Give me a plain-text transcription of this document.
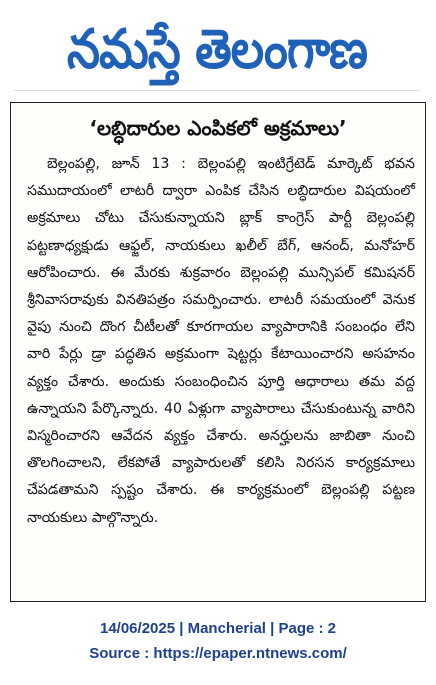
నమస్తే తెలంగాణ
‘లబ్ధిదారుల ఎంపికలో అక్రమాలు’

బెల్లంపల్లి, జూన్ 13 : బెల్లంపల్లి ఇంటిగ్రేటెడ్ మార్కెట్ భవన సముదాయంలో లాటరీ ద్వారా ఎంపిక చేసిన లబ్ధిదారుల విషయంలో అక్రమాలు చోటు చేసుకున్నాయని బ్లాక్ కాంగ్రెస్ పార్టీ బెల్లంపల్లి పట్టణాధ్యక్షుడు ఆఫ్జల్, నాయకులు ఖలీల్ బేగ్, ఆనంద్, మనోహర్ ఆరోపించారు. ఈ మేరకు శుక్రవారం బెల్లంపల్లి మున్సిపల్ కమిషనర్ శ్రీనివాసరావుకు వినతిపత్రం సమర్పించారు. లాటరీ సమయంలో వెనుక వైపు నుంచి దొంగ చీటీలతో కూరగాయల వ్యాపారానికి సంబంధం లేని వారి పేర్లు డ్రా పద్ధతిన అక్రమంగా షెట్టర్లు కేటాయించారని అసహనం వ్యక్తం చేశారు. అందుకు సంబంధించిన పూర్తి ఆధారాలు తమ వద్ద ఉన్నాయని పేర్కొన్నారు. 40 ఏళ్లుగా వ్యాపారాలు చేసుకుంటున్న వారిని విస్మరించారని ఆవేదన వ్యక్తం చేశారు. అనర్హులను జాబితా నుంచి తొలగించాలని, లేకపోతే వ్యాపారులతో కలిసి నిరసన కార్యక్రమాలు చేపడతామని స్పష్టం చేశారు. ఈ కార్యక్రమంలో బెల్లంపల్లి పట్టణ నాయకులు పాల్గొన్నారు.

14/06/2025 | Mancherial | Page : 2
Source : https://epaper.ntnews.com/
